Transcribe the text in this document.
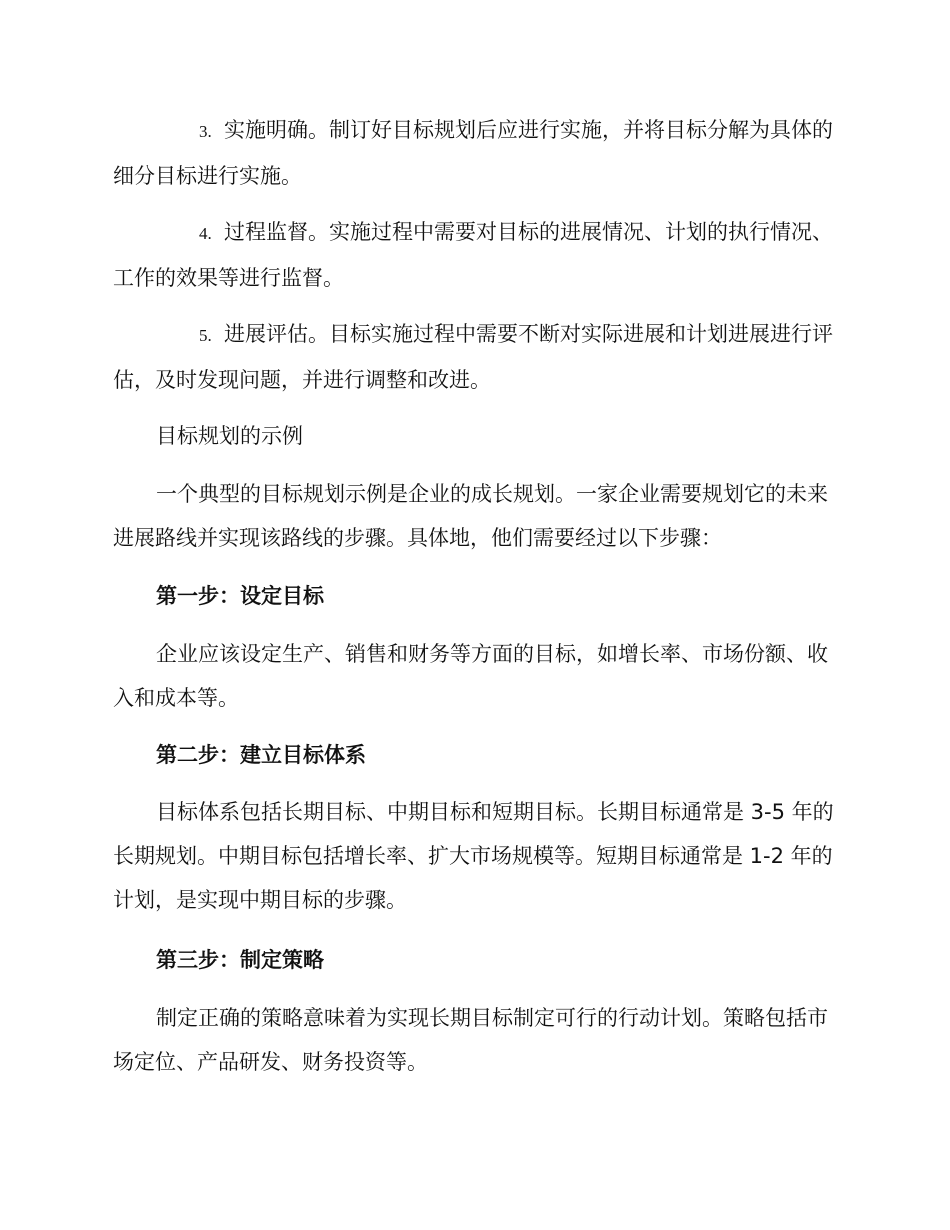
3. 实施明确。制订好目标规划后应进行实施，并将目标分解为具体的细分目标进行实施。

4. 过程监督。实施过程中需要对目标的进展情况、计划的执行情况、工作的效果等进行监督。

5. 进展评估。目标实施过程中需要不断对实际进展和计划进展进行评估，及时发现问题，并进行调整和改进。

目标规划的示例

一个典型的目标规划示例是企业的成长规划。一家企业需要规划它的未来进展路线并实现该路线的步骤。具体地，他们需要经过以下步骤：

第一步：设定目标

企业应该设定生产、销售和财务等方面的目标，如增长率、市场份额、收入和成本等。

第二步：建立目标体系

目标体系包括长期目标、中期目标和短期目标。长期目标通常是 3-5 年的长期规划。中期目标包括增长率、扩大市场规模等。短期目标通常是 1-2 年的计划，是实现中期目标的步骤。

第三步：制定策略

制定正确的策略意味着为实现长期目标制定可行的行动计划。策略包括市场定位、产品研发、财务投资等。
